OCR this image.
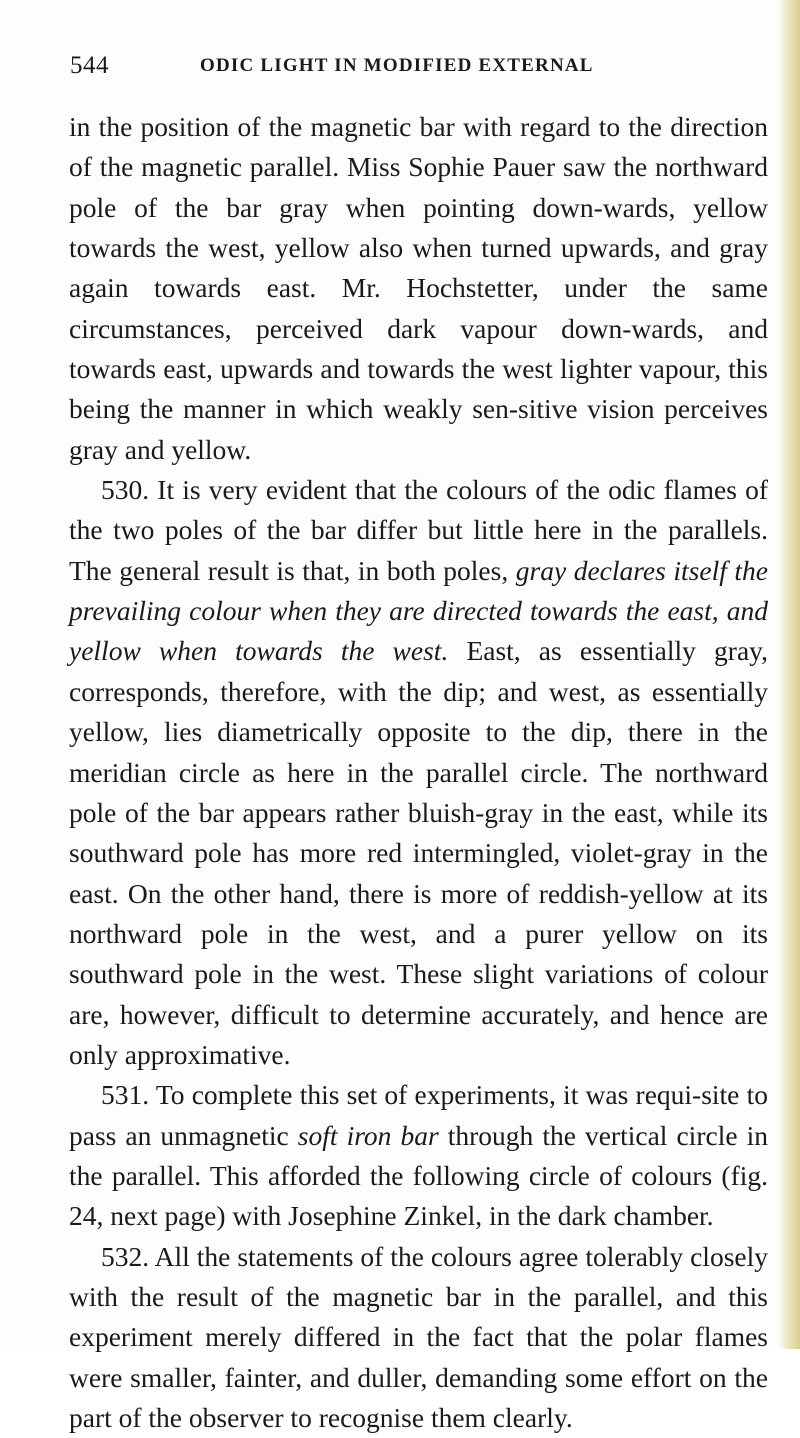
544	ODIC LIGHT IN MODIFIED EXTERNAL

in the position of the magnetic bar with regard to the direction of the magnetic parallel. Miss Sophie Pauer saw the northward pole of the bar gray when pointing down-wards, yellow towards the west, yellow also when turned upwards, and gray again towards east. Mr. Hochstetter, under the same circumstances, perceived dark vapour down-wards, and towards east, upwards and towards the west lighter vapour, this being the manner in which weakly sen-sitive vision perceives gray and yellow.

530. It is very evident that the colours of the odic flames of the two poles of the bar differ but little here in the parallels. The general result is that, in both poles, gray declares itself the prevailing colour when they are directed towards the east, and yellow when towards the west. East, as essentially gray, corresponds, therefore, with the dip; and west, as essentially yellow, lies diametrically opposite to the dip, there in the meridian circle as here in the parallel circle. The northward pole of the bar appears rather bluish-gray in the east, while its southward pole has more red intermingled, violet-gray in the east. On the other hand, there is more of reddish-yellow at its northward pole in the west, and a purer yellow on its southward pole in the west. These slight variations of colour are, however, difficult to determine accurately, and hence are only approximative.

531. To complete this set of experiments, it was requi-site to pass an unmagnetic soft iron bar through the vertical circle in the parallel. This afforded the following circle of colours (fig. 24, next page) with Josephine Zinkel, in the dark chamber.

532. All the statements of the colours agree tolerably closely with the result of the magnetic bar in the parallel, and this experiment merely differed in the fact that the polar flames were smaller, fainter, and duller, demanding some effort on the part of the observer to recognise them clearly.
